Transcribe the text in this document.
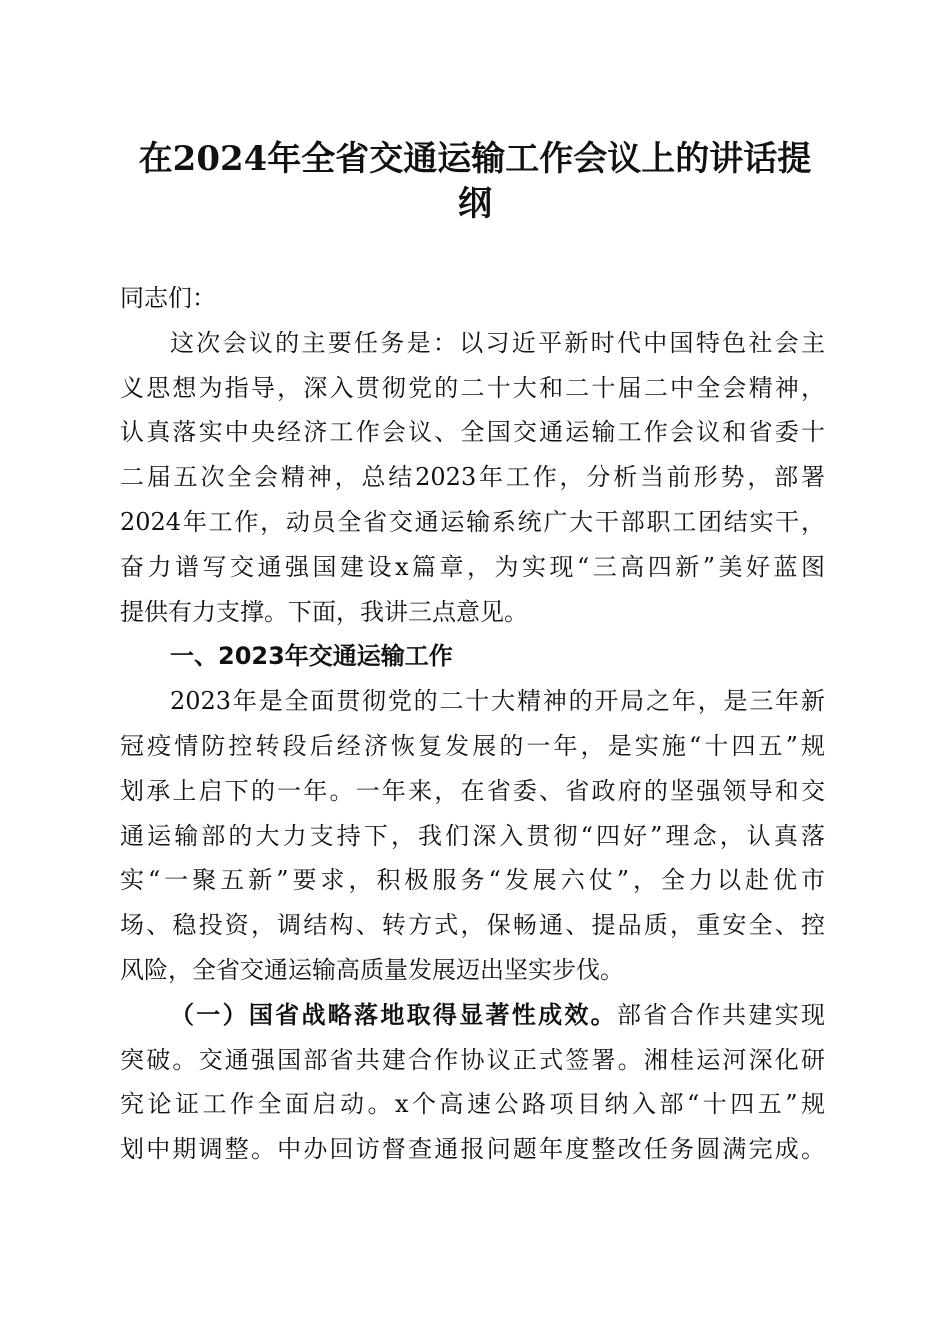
在2024年全省交通运输工作会议上的讲话提
纲
同志们：
这次会议的主要任务是：以习近平新时代中国特色社会主
义思想为指导，深入贯彻党的二十大和二十届二中全会精神，
认真落实中央经济工作会议、全国交通运输工作会议和省委十
二届五次全会精神，总结2023年工作，分析当前形势，部署
2024年工作，动员全省交通运输系统广大干部职工团结实干，
奋力谱写交通强国建设x篇章，为实现“三高四新”美好蓝图
提供有力支撑。下面，我讲三点意见。
一、2023年交通运输工作
2023年是全面贯彻党的二十大精神的开局之年，是三年新
冠疫情防控转段后经济恢复发展的一年，是实施“十四五”规
划承上启下的一年。一年来，在省委、省政府的坚强领导和交
通运输部的大力支持下，我们深入贯彻“四好”理念，认真落
实“一聚五新”要求，积极服务“发展六仗”，全力以赴优市
场、稳投资，调结构、转方式，保畅通、提品质，重安全、控
风险，全省交通运输高质量发展迈出坚实步伐。
（一）国省战略落地取得显著性成效。部省合作共建实现
突破。交通强国部省共建合作协议正式签署。湘桂运河深化研
究论证工作全面启动。x个高速公路项目纳入部“十四五”规
划中期调整。中办回访督查通报问题年度整改任务圆满完成。
